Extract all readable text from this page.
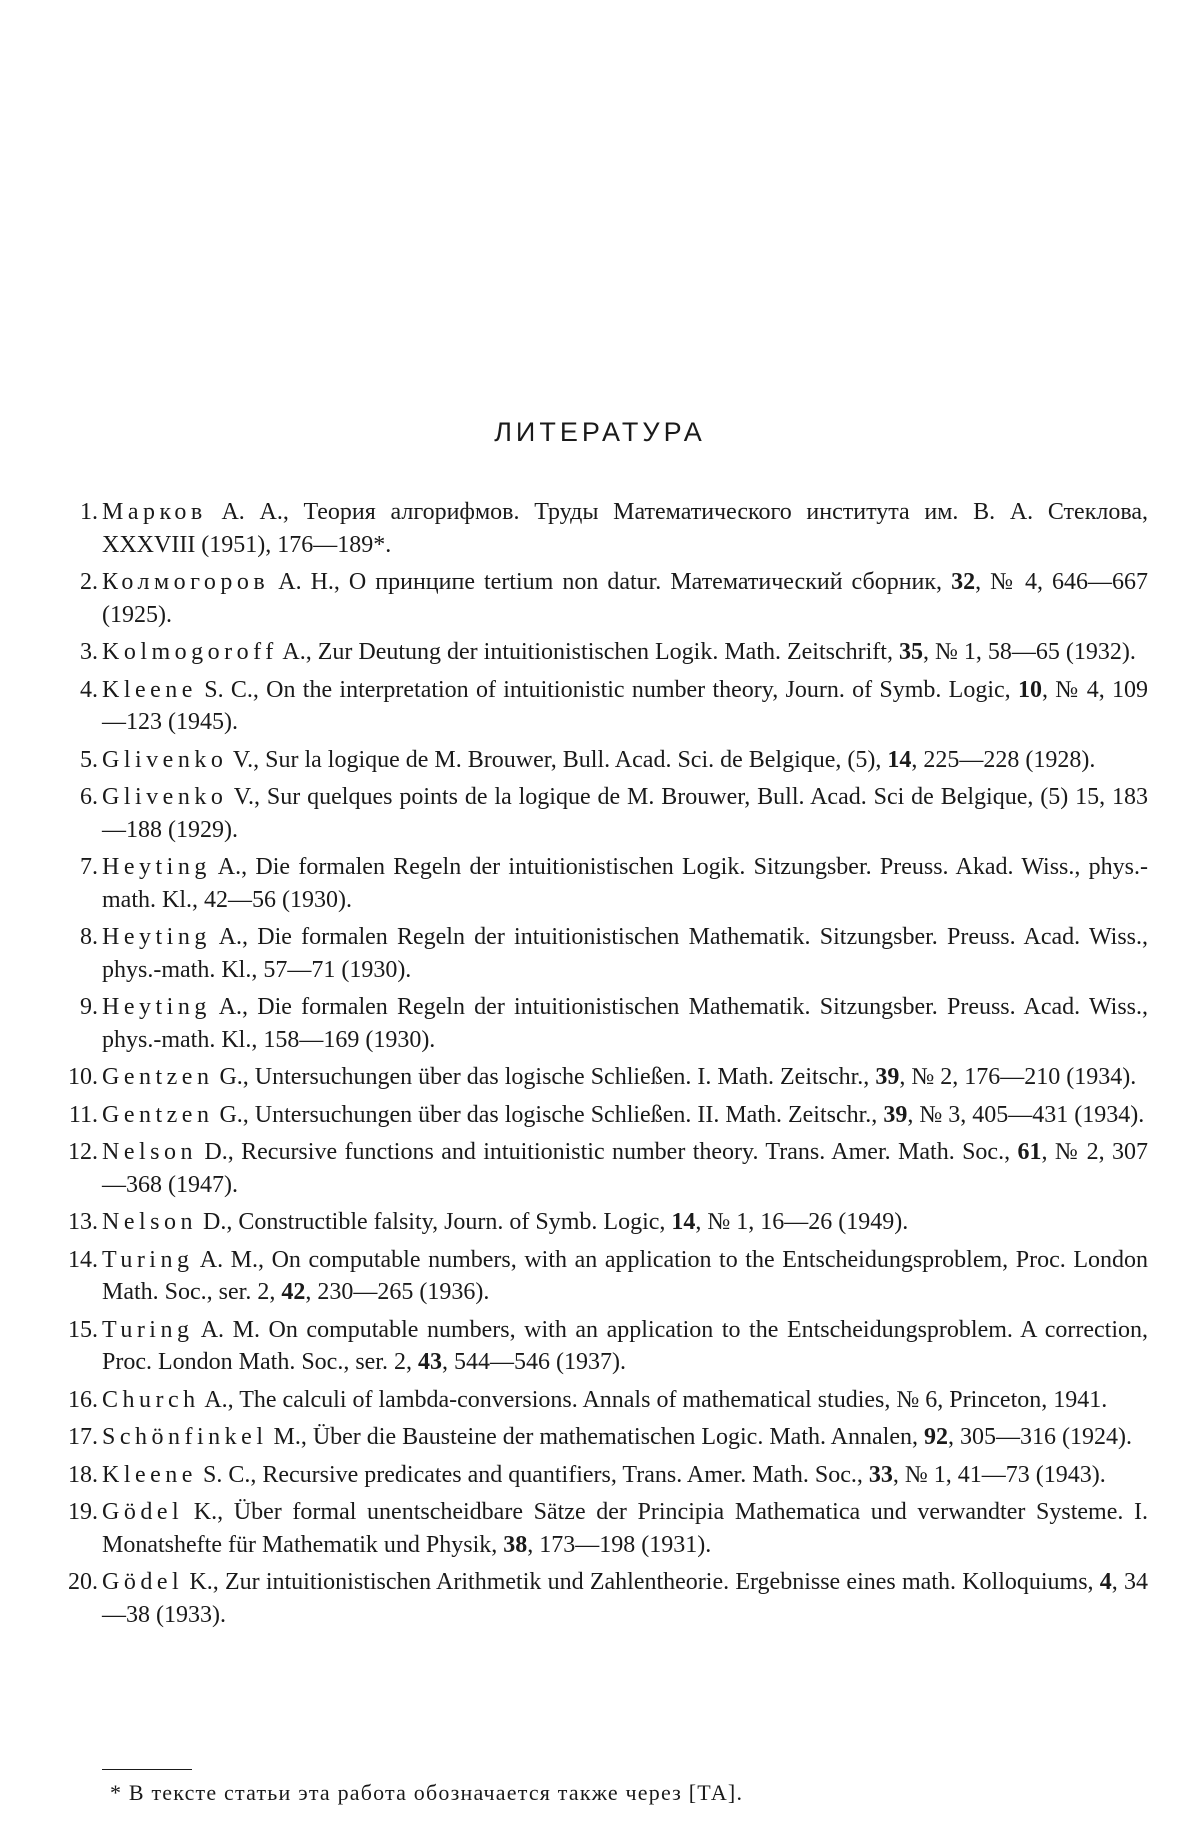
ЛИТЕРАТУРА
1. Марков А. А., Теория алгорифмов. Труды Математического института им. В. А. Стеклова, XXXVIII (1951), 176—189*.
2. Колмогоров А. Н., О принципе tertium non datur. Математический сборник, 32, № 4, 646—667 (1925).
3. Kolmogoroff A., Zur Deutung der intuitionistischen Logik. Math. Zeitschrift, 35, № 1, 58—65 (1932).
4. Kleene S. C., On the interpretation of intuitionistic number theory, Journ. of Symb. Logic, 10, № 4, 109—123 (1945).
5. Glivenko V., Sur la logique de M. Brouwer, Bull. Acad. Sci. de Belgique, (5), 14, 225—228 (1928).
6. Glivenko V., Sur quelques points de la logique de M. Brouwer, Bull. Acad. Sci de Belgique, (5) 15, 183—188 (1929).
7. Heyting A., Die formalen Regeln der intuitionistischen Logik. Sitzungsber. Preuss. Akad. Wiss., phys.-math. Kl., 42—56 (1930).
8. Heyting A., Die formalen Regeln der intuitionistischen Mathematik. Sitzungsber. Preuss. Acad. Wiss., phys.-math. Kl., 57—71 (1930).
9. Heyting A., Die formalen Regeln der intuitionistischen Mathematik. Sitzungsber. Preuss. Acad. Wiss., phys.-math. Kl., 158—169 (1930).
10. Gentzen G., Untersuchungen über das logische Schließen. I. Math. Zeitschr., 39, № 2, 176—210 (1934).
11. Gentzen G., Untersuchungen über das logische Schließen. II. Math. Zeitschr., 39, № 3, 405—431 (1934).
12. Nelson D., Recursive functions and intuitionistic number theory. Trans. Amer. Math. Soc., 61, № 2, 307—368 (1947).
13. Nelson D., Constructible falsity, Journ. of Symb. Logic, 14, № 1, 16—26 (1949).
14. Turing A. M., On computable numbers, with an application to the Entscheidungsproblem, Proc. London Math. Soc., ser. 2, 42, 230—265 (1936).
15. Turing A. M. On computable numbers, with an application to the Entscheidungsproblem. A correction, Proc. London Math. Soc., ser. 2, 43, 544—546 (1937).
16. Church A., The calculi of lambda-conversions. Annals of mathematical studies, № 6, Princeton, 1941.
17. Schönfinkel M., Über die Bausteine der mathematischen Logic. Math. Annalen, 92, 305—316 (1924).
18. Kleene S. C., Recursive predicates and quantifiers, Trans. Amer. Math. Soc., 33, № 1, 41—73 (1943).
19. Gödel K., Über formal unentscheidbare Sätze der Principia Mathematica und verwandter Systeme. I. Monatshefte für Mathematik und Physik, 38, 173—198 (1931).
20. Gödel K., Zur intuitionistischen Arithmetik und Zahlentheorie. Ergebnisse eines math. Kolloquiums, 4, 34—38 (1933).
* В тексте статьи эта работа обозначается также через [ТА].
